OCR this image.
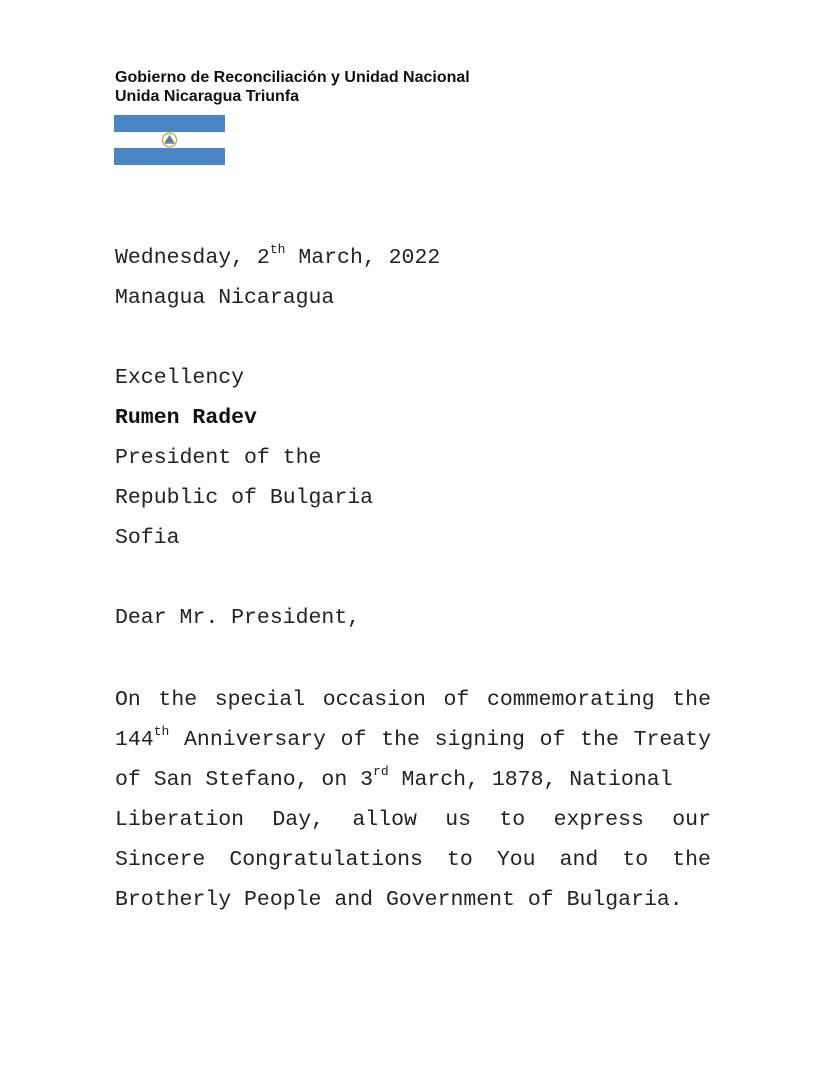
Gobierno de Reconciliación y Unidad Nacional
Unida Nicaragua Triunfa
Wednesday, 2th March, 2022
Managua Nicaragua
Excellency
Rumen Radev
President of the
Republic of Bulgaria
Sofia
Dear Mr. President,
On the special occasion of commemorating the
144th Anniversary of the signing of the Treaty
of San Stefano, on 3rd March, 1878, National
Liberation Day, allow us to express our
Sincere Congratulations to You and to the
Brotherly People and Government of Bulgaria.
